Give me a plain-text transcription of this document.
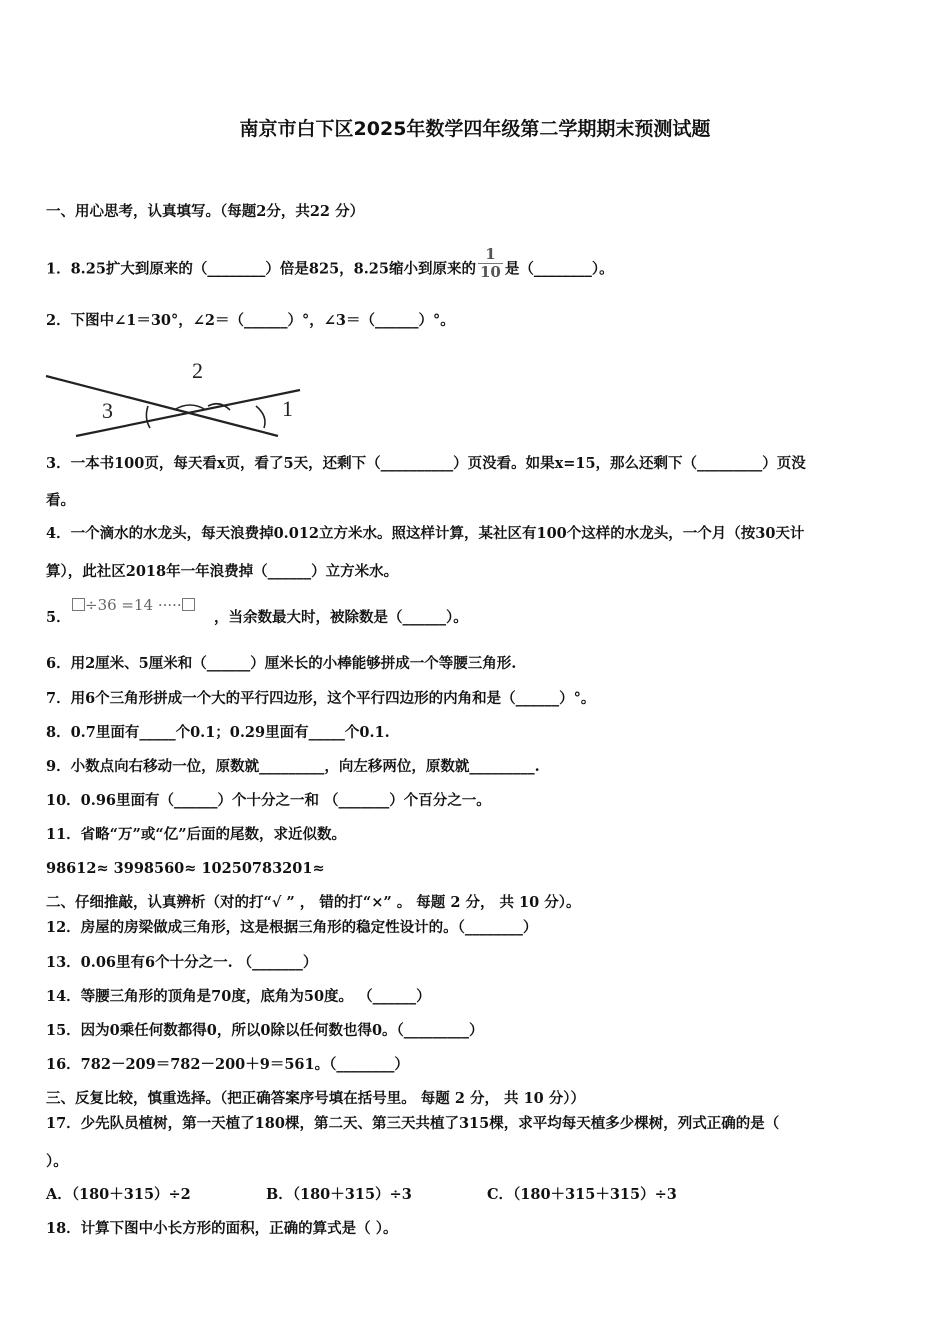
南京市白下区2025年数学四年级第二学期期末预测试题
一、用心思考，认真填写。（每题2分，共22 分）
1．8.25扩大到原来的（________）倍是825，8.25缩小到原来的 $\frac{1}{10}$ 是（________）。
2．下图中∠1＝30°，∠2＝（______）°，∠3＝（______）°。
2
3	1
3．一本书100页，每天看x页，看了5天，还剩下（__________）页没看。如果x=15，那么还剩下（_________）页没
看。
4．一个滴水的水龙头，每天浪费掉0.012立方米水。照这样计算，某社区有100个这样的水龙头，一个月（按30天计
算），此社区2018年一年浪费掉（______）立方米水。
5．
÷36 =14 ·····
，当余数最大时，被除数是（______）。
6．用2厘米、5厘米和（______）厘米长的小棒能够拼成一个等腰三角形.
7．用6个三角形拼成一个大的平行四边形，这个平行四边形的内角和是（______）°。
8．0.7里面有_____个0.1；0.29里面有_____个0.1.
9．小数点向右移动一位，原数就_________，向左移两位，原数就_________.
10．0.96里面有（______）个十分之一和 （_______）个百分之一。
11．省略“万”或“亿”后面的尾数，求近似数。
98612≈ 3998560≈ 10250783201≈
二、仔细推敲，认真辨析（对的打“√ ” ， 错的打“×” 。 每题 2 分， 共 10 分）。
12．房屋的房梁做成三角形，这是根据三角形的稳定性设计的。（________）
13．0.06里有6个十分之一. （_______）
14．等腰三角形的顶角是70度，底角为50度。 （______）
15．因为0乘任何数都得0，所以0除以任何数也得0。（_________）
16．782－209＝782－200＋9＝561。（________）
三、反复比较，慎重选择。（把正确答案序号填在括号里。 每题 2 分， 共 10 分））
17．少先队员植树，第一天植了180棵，第二天、第三天共植了315棵，求平均每天植多少棵树，列式正确的是（
）。
A．（180＋315）÷2	B．（180＋315）÷3	C．（180＋315＋315）÷3
18．计算下图中小长方形的面积，正确的算式是（ ）。
